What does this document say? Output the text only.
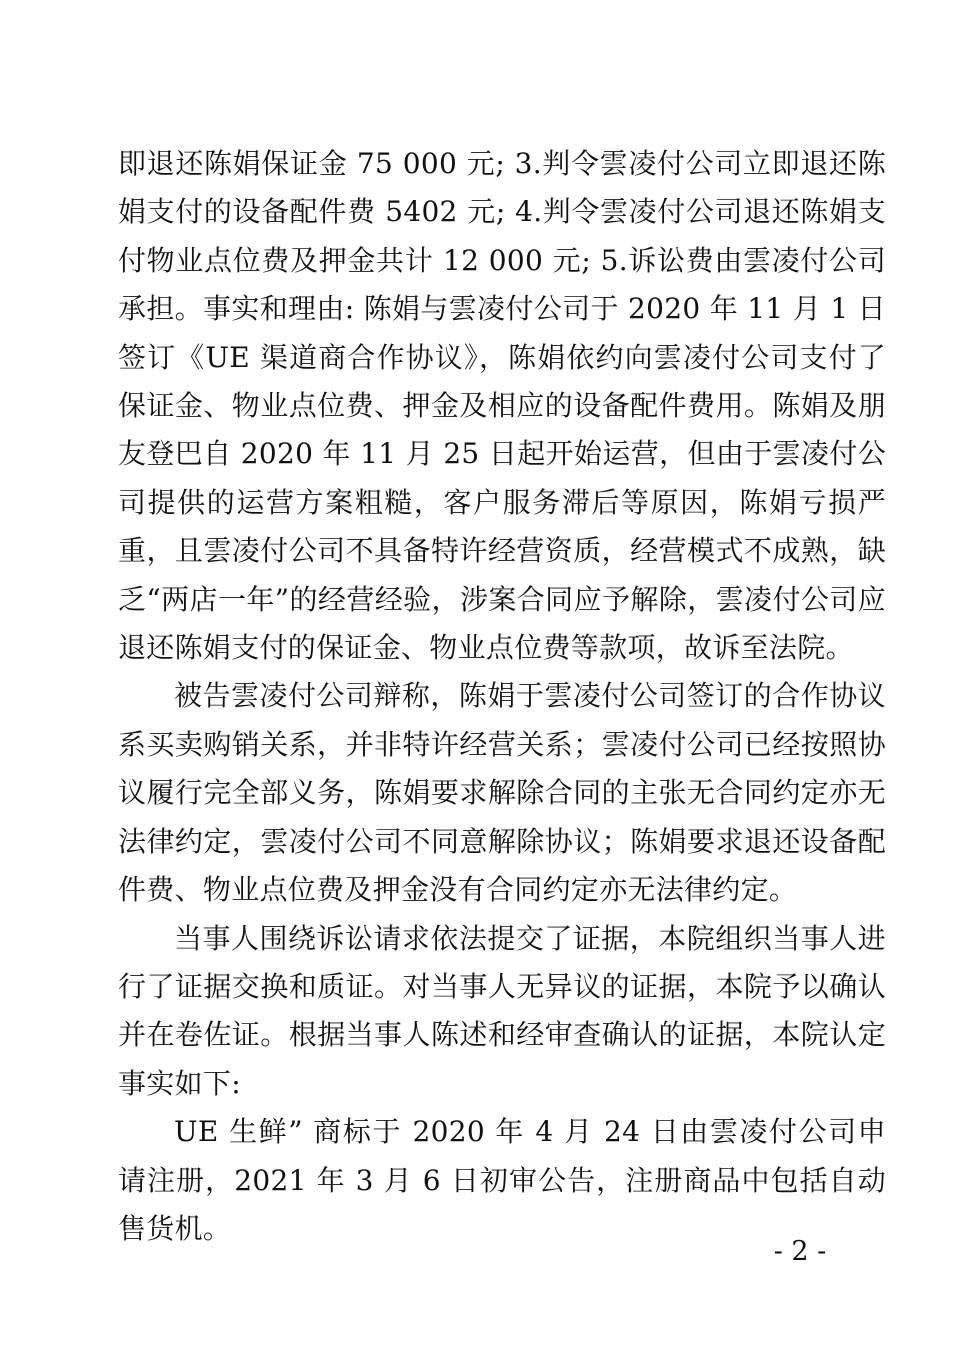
即退还陈娟保证金 75 000 元; 3.判令雲凌付公司立即退还陈娟支付的设备配件费 5402 元; 4.判令雲凌付公司退还陈娟支付物业点位费及押金共计 12 000 元; 5.诉讼费由雲凌付公司承担。事实和理由: 陈娟与雲凌付公司于 2020 年 11 月 1 日签订《UE 渠道商合作协议》，陈娟依约向雲凌付公司支付了保证金、物业点位费、押金及相应的设备配件费用。陈娟及朋友登巴自 2020 年 11 月 25 日起开始运营，但由于雲凌付公司提供的运营方案粗糙，客户服务滞后等原因，陈娟亏损严重，且雲凌付公司不具备特许经营资质，经营模式不成熟，缺乏“两店一年”的经营经验，涉案合同应予解除，雲凌付公司应退还陈娟支付的保证金、物业点位费等款项，故诉至法院。

被告雲凌付公司辩称，陈娟于雲凌付公司签订的合作协议系买卖购销关系，并非特许经营关系；雲凌付公司已经按照协议履行完全部义务，陈娟要求解除合同的主张无合同约定亦无法律约定，雲凌付公司不同意解除协议；陈娟要求退还设备配件费、物业点位费及押金没有合同约定亦无法律约定。

当事人围绕诉讼请求依法提交了证据，本院组织当事人进行了证据交换和质证。对当事人无异议的证据，本院予以确认并在卷佐证。根据当事人陈述和经审查确认的证据，本院认定事实如下:

UE 生鲜” 商标于 2020 年 4 月 24 日由雲凌付公司申请注册，2021 年 3 月 6 日初审公告，注册商品中包括自动售货机。

- 2 -
